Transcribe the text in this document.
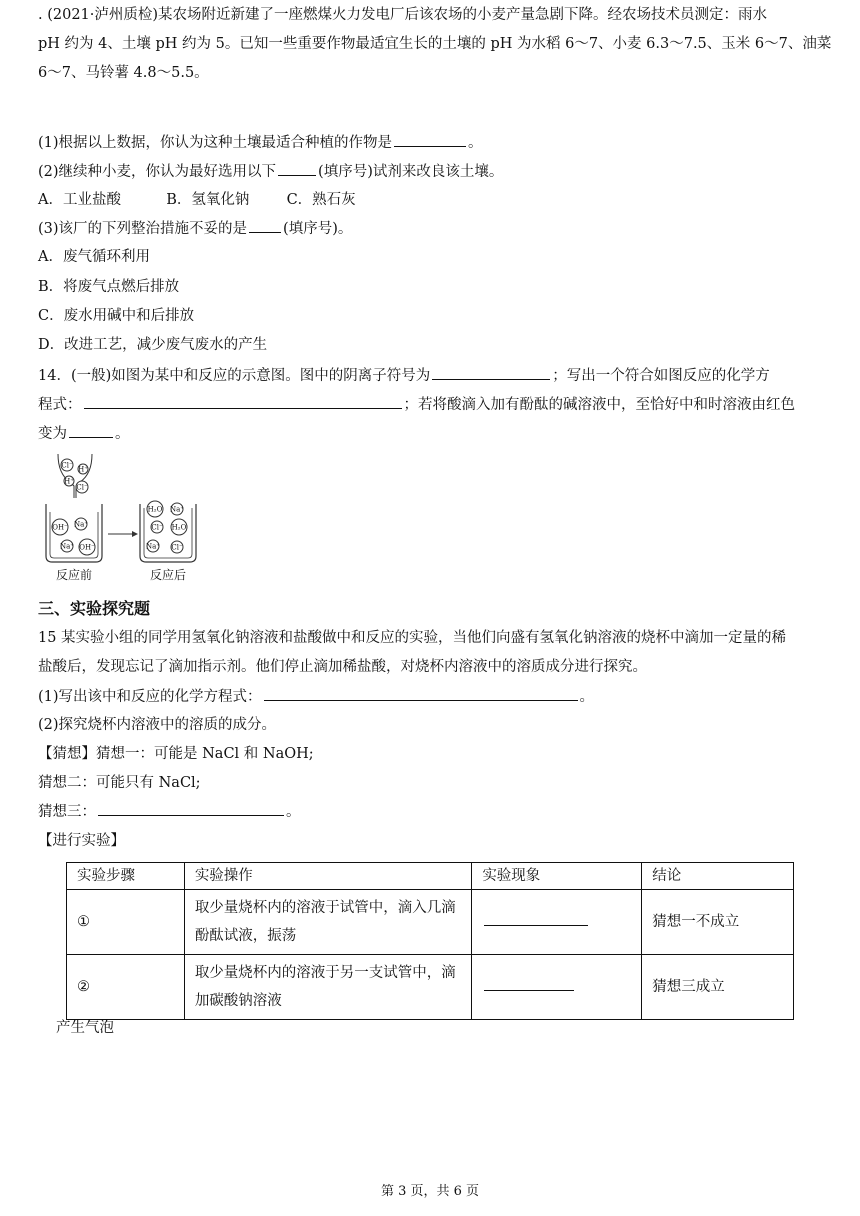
. (2021·泸州质检)某农场附近新建了一座燃煤火力发电厂后该农场的小麦产量急剧下降。经农场技术员测定：雨水
pH 约为 4、土壤 pH 约为 5。已知一些重要作物最适宜生长的土壤的 pH 为水稻 6～7、小麦 6.3～7.5、玉米 6～7、油菜
6～7、马铃薯 4.8～5.5。
(1)根据以上数据，你认为这种土壤最适合种植的作物是	。
(2)继续种小麦，你认为最好选用以下	(填序号)试剂来改良该土壤。
A．工业盐酸	B．氢氧化钠	C．熟石灰
(3)该厂的下列整治措施不妥的是 (填序号)。
A．废气循环利用
B．将废气点燃后排放
C．废水用碱中和后排放
D．改进工艺，减少废气废水的产生
14．(一般)如图为某中和反应的示意图。图中的阴离子符号为	；写出一个符合如图反应的化学方
程式：	；若将酸滴入加有酚酞的碱溶液中，至恰好中和时溶液由红色
变为	。
Cl⁻ H⁺
H⁺
Cl⁻
OH⁻ Na⁺
Na⁺ OH⁻
H₂O Na⁺
Cl⁻ H₂O
Na⁺ Cl⁻
反应前	反应后
三、实验探究题
15 某实验小组的同学用氢氧化钠溶液和盐酸做中和反应的实验，当他们向盛有氢氧化钠溶液的烧杯中滴加一定量的稀
盐酸后，发现忘记了滴加指示剂。他们停止滴加稀盐酸，对烧杯内溶液中的溶质成分进行探究。
(1)写出该中和反应的化学方程式：	。
(2)探究烧杯内溶液中的溶质的成分。
【猜想】猜想一：可能是 NaCl 和 NaOH;
猜想二：可能只有 NaCl;
猜想三：	。
【进行实验】
实验步骤	实验操作	实验现象	结论
①	取少量烧杯内的溶液于试管中，滴入几滴
酚酞试液，振荡		猜想一不成立
②	取少量烧杯内的溶液于另一支试管中，滴
加碳酸钠溶液		猜想三成立
产生气泡
第 3 页，共 6 页
